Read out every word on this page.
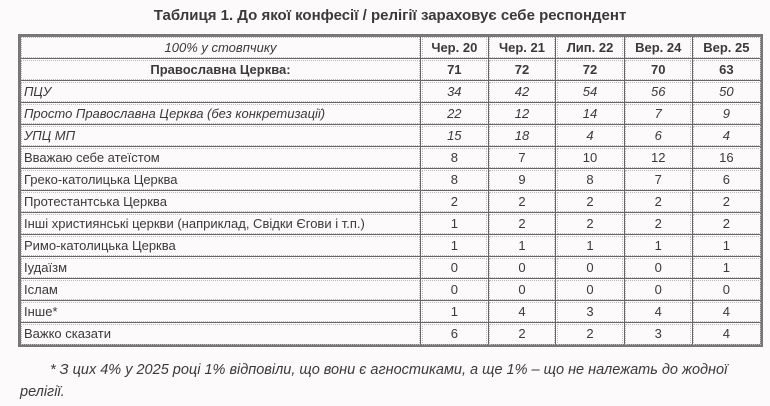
Таблиця 1. До якої конфесії / релігії зараховує себе респондент
100% у стовпчику	Чер. 20	Чер. 21	Лип. 22	Вер. 24	Вер. 25
Православна Церква:	71	72	72	70	63
ПЦУ	34	42	54	56	50
Просто Православна Церква (без конкретизації)	22	12	14	7	9
УПЦ МП	15	18	4	6	4
Вважаю себе атеїстом	8	7	10	12	16
Греко-католицька Церква	8	9	8	7	6
Протестантська Церква	2	2	2	2	2
Інші християнські церкви (наприклад, Свідки Єгови і т.п.)	1	2	2	2	2
Римо-католицька Церква	1	1	1	1	1
Іудаїзм	0	0	0	0	1
Іслам	0	0	0	0	0
Інше*	1	4	3	4	4
Важко сказати	6	2	2	3	4
* З цих 4% у 2025 році 1% відповіли, що вони є агностиками, а ще 1% – що не належать до жодної релігії.
